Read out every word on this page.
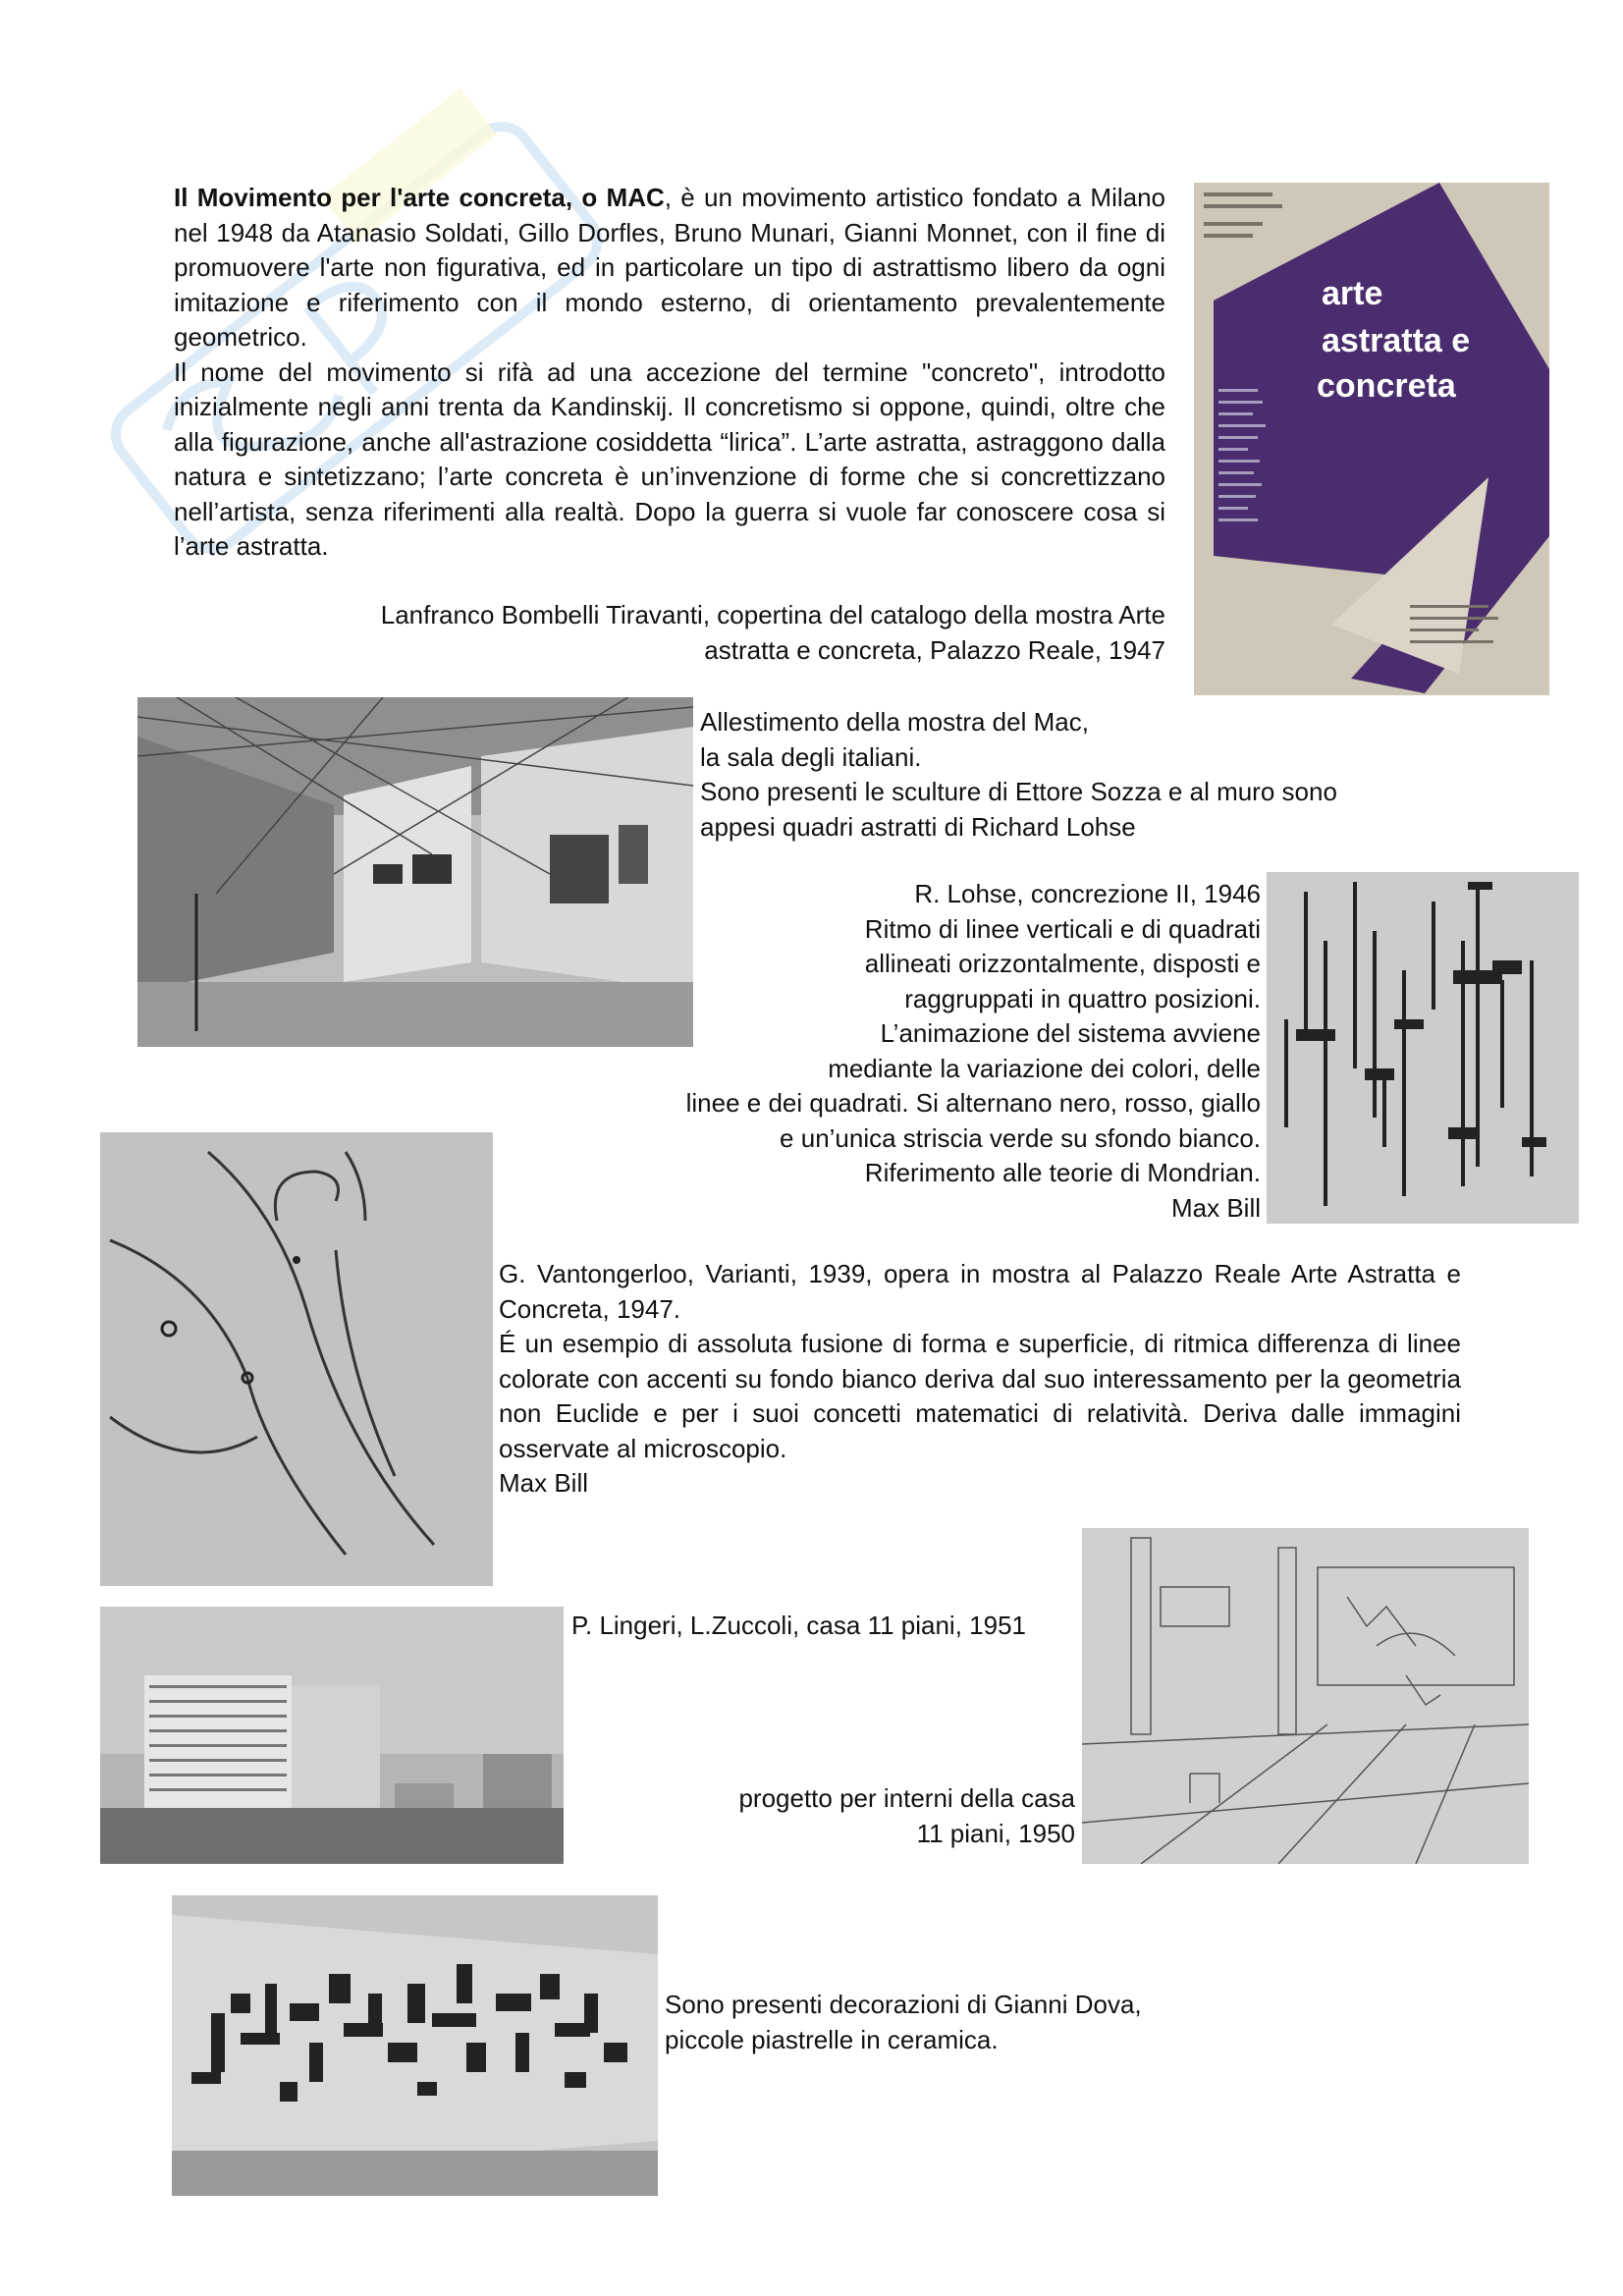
Il Movimento per l'arte concreta, o MAC, è un movimento artistico fondato a Milano nel 1948 da Atanasio Soldati, Gillo Dorfles, Bruno Munari, Gianni Monnet, con il fine di promuovere l'arte non figurativa, ed in particolare un tipo di astrattismo libero da ogni imitazione e riferimento con il mondo esterno, di orientamento prevalentemente geometrico.

Il nome del movimento si rifà ad una accezione del termine "concreto", introdotto inizialmente negli anni trenta da Kandinskij. Il concretismo si oppone, quindi, oltre che alla figurazione, anche all'astrazione cosiddetta “lirica”. L’arte astratta, astraggono dalla natura e sintetizzano; l’arte concreta è un’invenzione di forme che si concrettizzano nell’artista, senza riferimenti alla realtà. Dopo la guerra si vuole far conoscere cosa si l’arte astratta.

Lanfranco Bombelli Tiravanti, copertina del catalogo della mostra Arte
astratta e concreta, Palazzo Reale, 1947
arte
astratta e
concreta
Allestimento della mostra del Mac,
la sala degli italiani.
Sono presenti le sculture di Ettore Sozza e al muro sono
appesi quadri astratti di Richard Lohse
R. Lohse, concrezione II, 1946
Ritmo di linee verticali e di quadrati
allineati orizzontalmente, disposti e
raggruppati in quattro posizioni.
L’animazione del sistema avviene
mediante la variazione dei colori, delle
linee e dei quadrati. Si alternano nero, rosso, giallo
e un’unica striscia verde su sfondo bianco.
Riferimento alle teorie di Mondrian.
Max Bill

G. Vantongerloo, Varianti, 1939, opera in mostra al Palazzo Reale Arte Astratta e Concreta, 1947.

É un esempio di assoluta fusione di forma e superficie, di ritmica differenza di linee colorate con accenti su fondo bianco deriva dal suo interessamento per la geometria non Euclide e per i suoi concetti matematici di relatività. Deriva dalle immagini osservate al microscopio.

Max Bill

P. Lingeri, L.Zuccoli, casa 11 piani, 1951
progetto per interni della casa
11 piani, 1950
Sono presenti decorazioni di Gianni Dova,
piccole piastrelle in ceramica.
